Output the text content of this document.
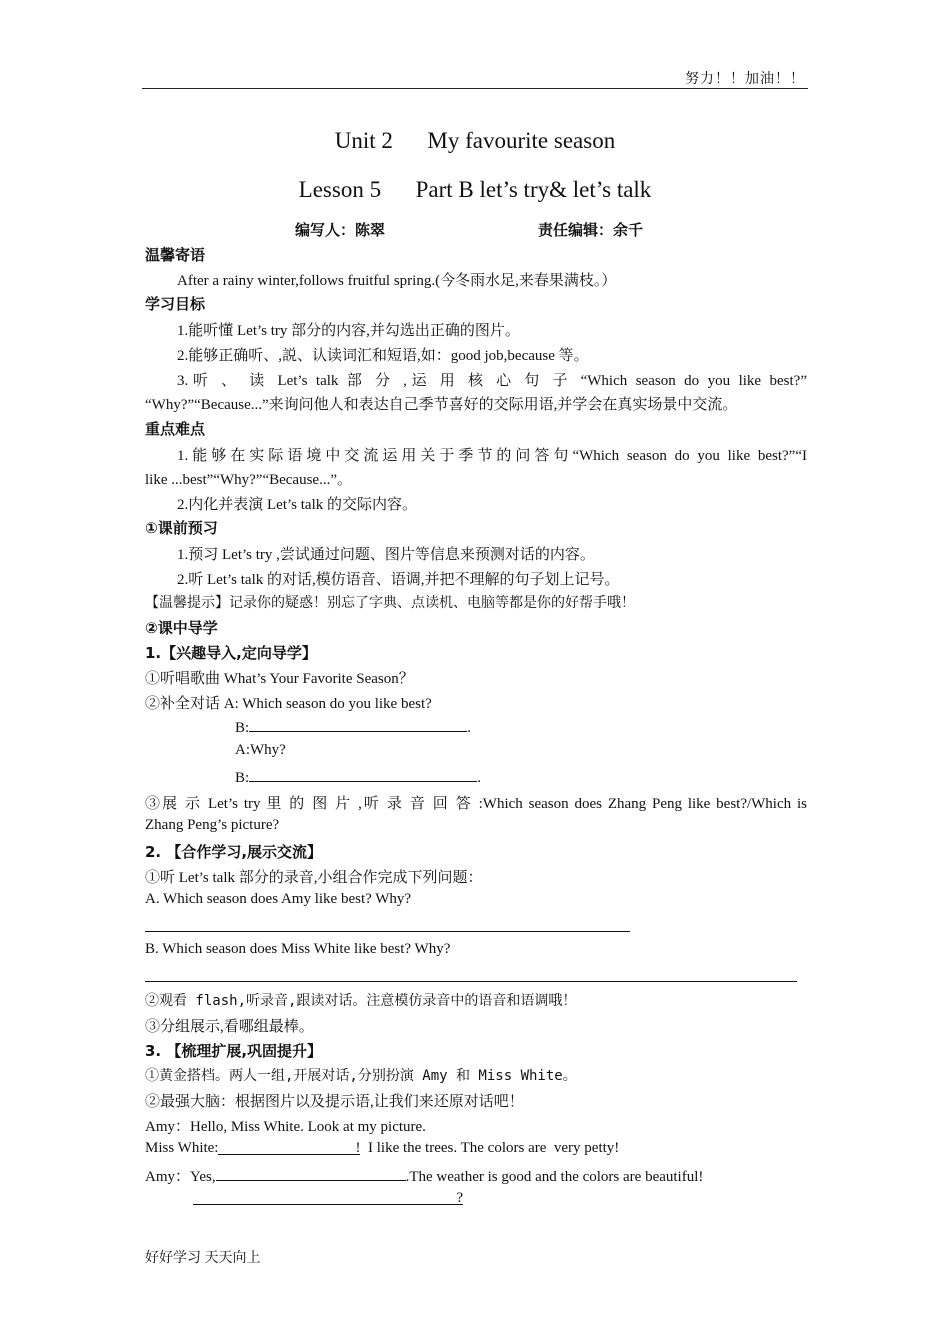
努力！！加油！！
Unit 2      My favourite season
Lesson 5      Part B let’s try& let’s talk
编写人：陈翠	责任编辑：余千
温馨寄语
After a rainy winter,follows fruitful spring.(今冬雨水足,来春果满枝。）
学习目标
1.能听懂 Let’s try 部分的内容,并勾选出正确的图片。
2.能够正确听、,説、认读词汇和短语,如：good job,because 等。
3.听 、 读 Let’s talk 部 分 ,运 用 核 心 句 子 “Which season do you like best?”
“Why?”“Because...”来询问他人和表达自己季节喜好的交际用语,并学会在真实场景中交流。
重点难点
1.能够在实际语境中交流运用关于季节的问答句“Which season do you like best?”“I
like ...best”“Why?”“Because...”。
2.内化并表演 Let’s talk 的交际内容。
①课前预习
1.预习 Let’s try ,尝试通过问题、图片等信息来预测对话的内容。
2.听 Let’s talk 的对话,模仿语音、语调,并把不理解的句子划上记号。
【温馨提示】记录你的疑惑！别忘了字典、点读机、电脑等都是你的好帮手哦！
②课中导学
1.【兴趣导入,定向导学】
①听唱歌曲 What’s Your Favorite Season？
②补全对话 A: Which season do you like best?
B:	.
A:Why?
B:	.
③展 示 Let’s try 里 的 图 片 ,听 录 音 回 答 :Which season does Zhang Peng like best?/Which is
Zhang Peng’s picture?
2. 【合作学习,展示交流】
①听 Let’s talk 部分的录音,小组合作完成下列问题：
A. Which season does Amy like best? Why?
B. Which season does Miss White like best? Why?
②观看 flash,听录音,跟读对话。注意模仿录音中的语音和语调哦！
③分组展示,看哪组最棒。
3. 【梳理扩展,巩固提升】
①黄金搭档。两人一组,开展对话,分别扮演 Amy 和 Miss White。
②最强大脑：根据图片以及提示语,让我们来还原对话吧！
Amy：Hello, Miss White. Look at my picture.
Miss White:	!  I like the trees. The colors are  very petty!
Amy：Yes,	.The weather is good and the colors are beautiful!
?
好好学习 天天向上
